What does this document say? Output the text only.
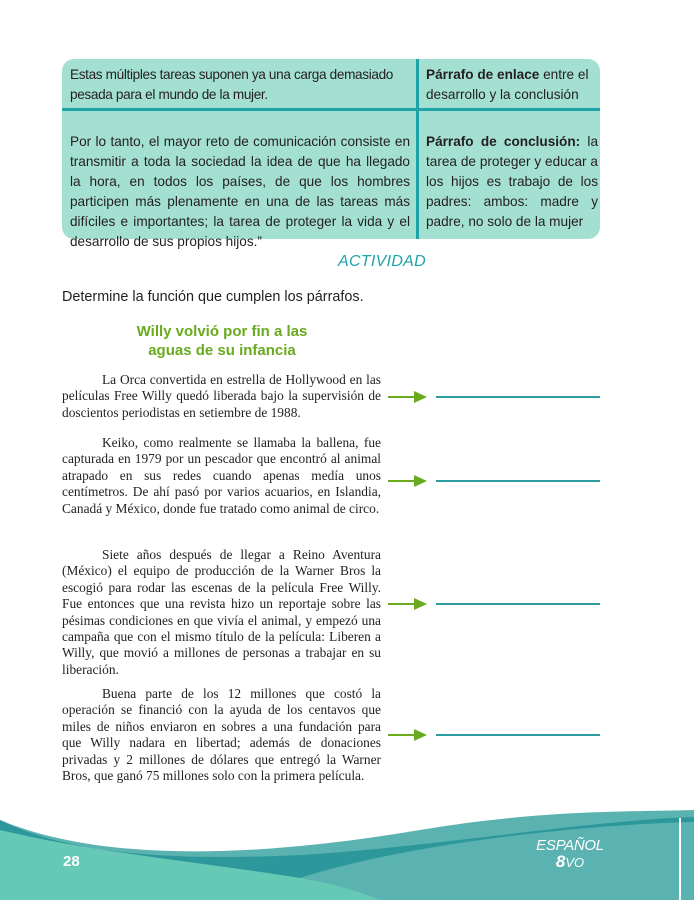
Estas múltiples tareas suponen ya una carga demasiado pesada para el mundo de la mujer.
Párrafo de enlace entre el desarrollo y la conclusión
Por lo tanto, el mayor reto de comunicación consiste en transmitir a toda la sociedad la idea de que ha llegado la hora, en todos los países, de que los hombres participen más plenamente en una de las tareas más difíciles e importantes; la tarea de proteger la vida y el desarrollo de sus propios hijos.”
Párrafo de conclusión: la tarea de proteger y educar a los hijos es trabajo de los padres: ambos: madre y padre, no solo de la mujer
ACTIVIDAD
Determine la función que cumplen los párrafos.
Willy volvió por fin a las
aguas de su infancia
La Orca convertida en estrella de Hollywood en las películas Free Willy quedó liberada bajo la supervisión de doscientos periodistas en setiembre de 1988.
Keiko, como realmente se llamaba la ballena, fue capturada en 1979 por un pescador que encontró al animal atrapado en sus redes cuando apenas medía unos centímetros. De ahí pasó por varios acuarios, en Islandia, Canadá y México, donde fue tratado como animal de circo.
Siete años después de llegar a Reino Aventura (México) el equipo de producción de la Warner Bros la escogió para rodar las escenas de la película Free Willy. Fue entonces que una revista hizo un reportaje sobre las pésimas condiciones en que vivía el animal, y empezó una campaña que con el mismo título de la película: Liberen a Willy, que movió a millones de personas a trabajar en su liberación.
Buena parte de los 12 millones que costó la operación se financió con la ayuda de los centavos que miles de niños enviaron en sobres a una fundación para que Willy nadara en libertad; además de donaciones privadas y 2 millones de dólares que entregó la Warner Bros, que ganó 75 millones solo con la primera película.
28
ESPAÑOL
8VO
